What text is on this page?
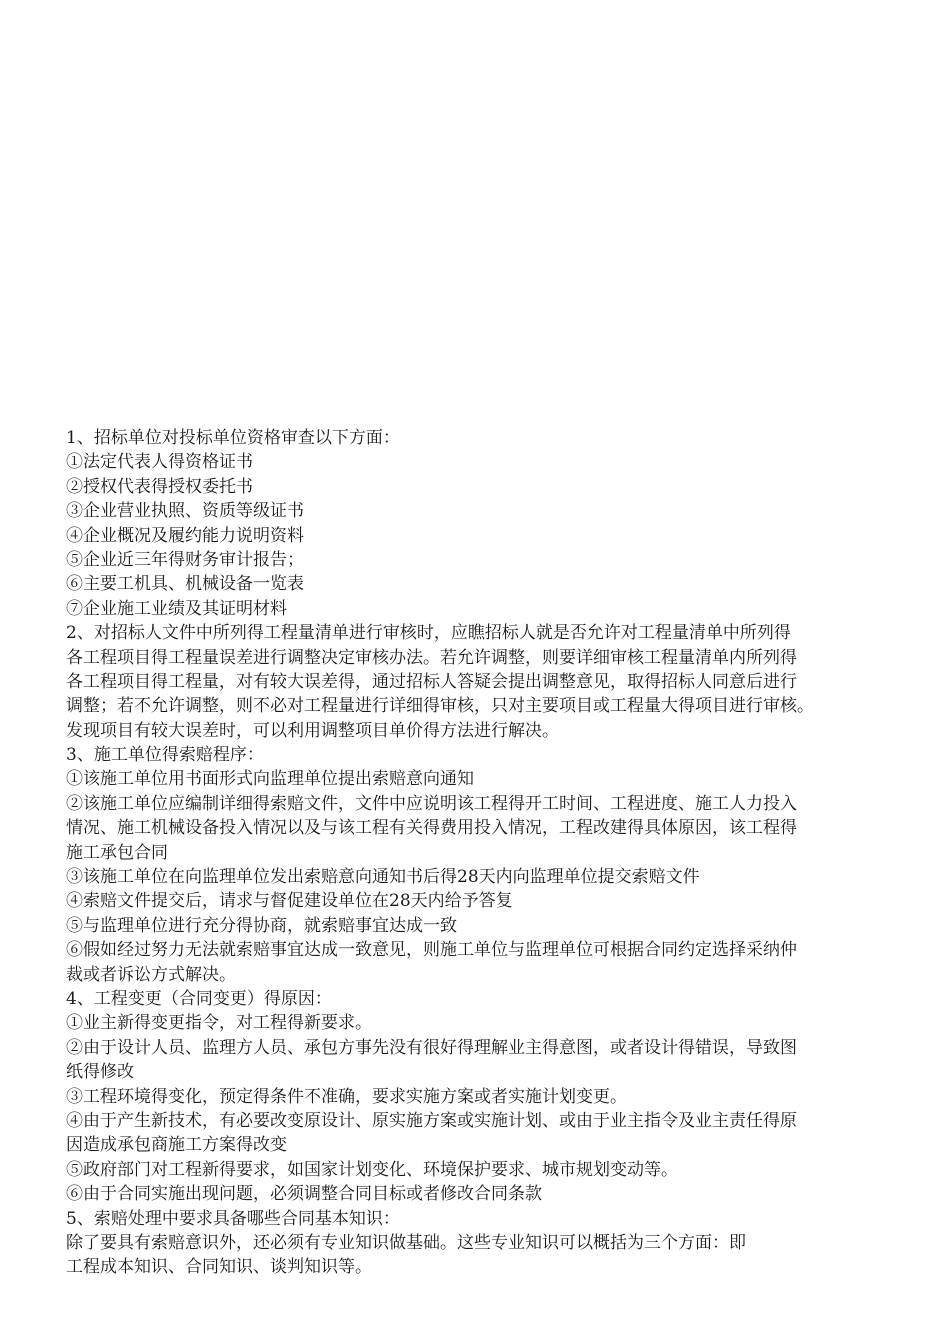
1、招标单位对投标单位资格审查以下方面：
①法定代表人得资格证书
②授权代表得授权委托书
③企业营业执照、资质等级证书
④企业概况及履约能力说明资料
⑤企业近三年得财务审计报告；
⑥主要工机具、机械设备一览表
⑦企业施工业绩及其证明材料
2、对招标人文件中所列得工程量清单进行审核时，应瞧招标人就是否允许对工程量清单中所列得
各工程项目得工程量误差进行调整决定审核办法。若允许调整，则要详细审核工程量清单内所列得
各工程项目得工程量，对有较大误差得，通过招标人答疑会提出调整意见，取得招标人同意后进行
调整；若不允许调整，则不必对工程量进行详细得审核，只对主要项目或工程量大得项目进行审核。
发现项目有较大误差时，可以利用调整项目单价得方法进行解决。
3、施工单位得索赔程序：
①该施工单位用书面形式向监理单位提出索赔意向通知
②该施工单位应编制详细得索赔文件，文件中应说明该工程得开工时间、工程进度、施工人力投入
情况、施工机械设备投入情况以及与该工程有关得费用投入情况，工程改建得具体原因，该工程得
施工承包合同
③该施工单位在向监理单位发出索赔意向通知书后得28天内向监理单位提交索赔文件
④索赔文件提交后，请求与督促建设单位在28天内给予答复
⑤与监理单位进行充分得协商，就索赔事宜达成一致
⑥假如经过努力无法就索赔事宜达成一致意见，则施工单位与监理单位可根据合同约定选择采纳仲
裁或者诉讼方式解决。
4、工程变更（合同变更）得原因：
①业主新得变更指令，对工程得新要求。
②由于设计人员、监理方人员、承包方事先没有很好得理解业主得意图，或者设计得错误，导致图
纸得修改
③工程环境得变化，预定得条件不准确，要求实施方案或者实施计划变更。
④由于产生新技术，有必要改变原设计、原实施方案或实施计划、或由于业主指令及业主责任得原
因造成承包商施工方案得改变
⑤政府部门对工程新得要求，如国家计划变化、环境保护要求、城市规划变动等。
⑥由于合同实施出现问题，必须调整合同目标或者修改合同条款
5、索赔处理中要求具备哪些合同基本知识：
除了要具有索赔意识外，还必须有专业知识做基础。这些专业知识可以概括为三个方面：即
工程成本知识、合同知识、谈判知识等。
